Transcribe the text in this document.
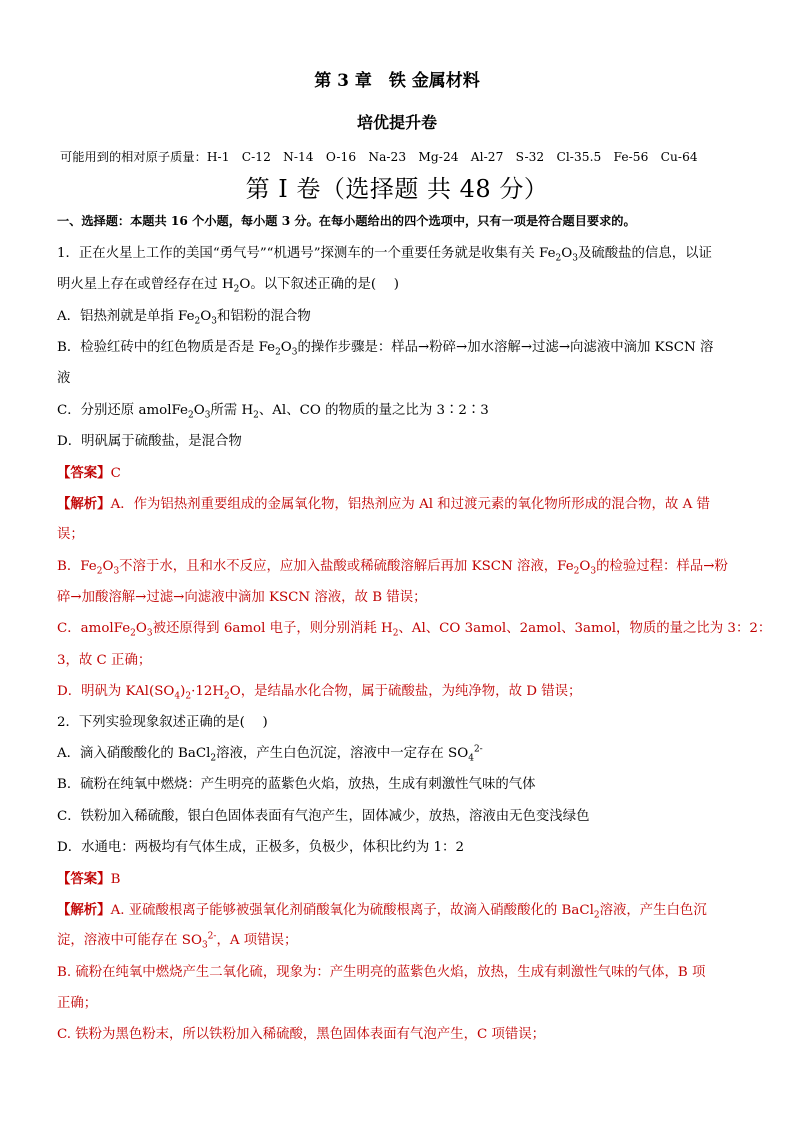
第 3 章　铁 金属材料
培优提升卷
可能用到的相对原子质量：H-1　C-12　N-14　O-16　Na-23　Mg-24　Al-27　S-32　Cl-35.5　Fe-56　Cu-64
第 I 卷（选择题 共 48 分）
一、选择题：本题共 16 个小题，每小题 3 分。在每小题给出的四个选项中，只有一项是符合题目要求的。
1．正在火星上工作的美国“勇气号”“机遇号”探测车的一个重要任务就是收集有关 $Fe_2O_3$及硫酸盐的信息，以证
明火星上存在或曾经存在过 $H_2O$。以下叙述正确的是(　 )
A．铝热剂就是单指 $Fe_2O_3$和铝粉的混合物
B．检验红砖中的红色物质是否是 $Fe_2O_3$的操作步骤是：样品→粉碎→加水溶解→过滤→向滤液中滴加 KSCN 溶
液
C．分别还原 $amolFe_2O_3$所需 $H_2$、Al、CO 的物质的量之比为 3∶2∶3
D．明矾属于硫酸盐，是混合物
【答案】C
【解析】A．作为铝热剂重要组成的金属氧化物，铝热剂应为 Al 和过渡元素的氧化物所形成的混合物，故 A 错
误；
B．$Fe_2O_3$不溶于水，且和水不反应，应加入盐酸或稀硫酸溶解后再加 KSCN 溶液，$Fe_2O_3$的检验过程：样品→粉
碎→加酸溶解→过滤→向滤液中滴加 KSCN 溶液，故 B 错误；
C．$amolFe_2O_3$被还原得到 6amol 电子，则分别消耗 $H_2$、Al、CO 3amol、2amol、3amol，物质的量之比为 3：2：
3，故 C 正确；
D．明矾为 $KAl(SO_4)_2\cdot 12H_2O$，是结晶水化合物，属于硫酸盐，为纯净物，故 D 错误；
2．下列实验现象叙述正确的是(　 )
A．滴入硝酸酸化的 BaCl$_2$溶液，产生白色沉淀，溶液中一定存在 $SO_4^{2-}$
B．硫粉在纯氧中燃烧：产生明亮的蓝紫色火焰，放热，生成有刺激性气味的气体
C．铁粉加入稀硫酸，银白色固体表面有气泡产生，固体减少，放热，溶液由无色变浅绿色
D．水通电：两极均有气体生成，正极多，负极少，体积比约为 1：2
【答案】B
【解析】A. 亚硫酸根离子能够被强氧化剂硝酸氧化为硫酸根离子，故滴入硝酸酸化的 BaCl$_2$溶液，产生白色沉
淀，溶液中可能存在 $SO_3^{2-}$，A 项错误；
B. 硫粉在纯氧中燃烧产生二氧化硫，现象为：产生明亮的蓝紫色火焰，放热，生成有刺激性气味的气体，B 项
正确；
C. 铁粉为黑色粉末，所以铁粉加入稀硫酸，黑色固体表面有气泡产生，C 项错误；
